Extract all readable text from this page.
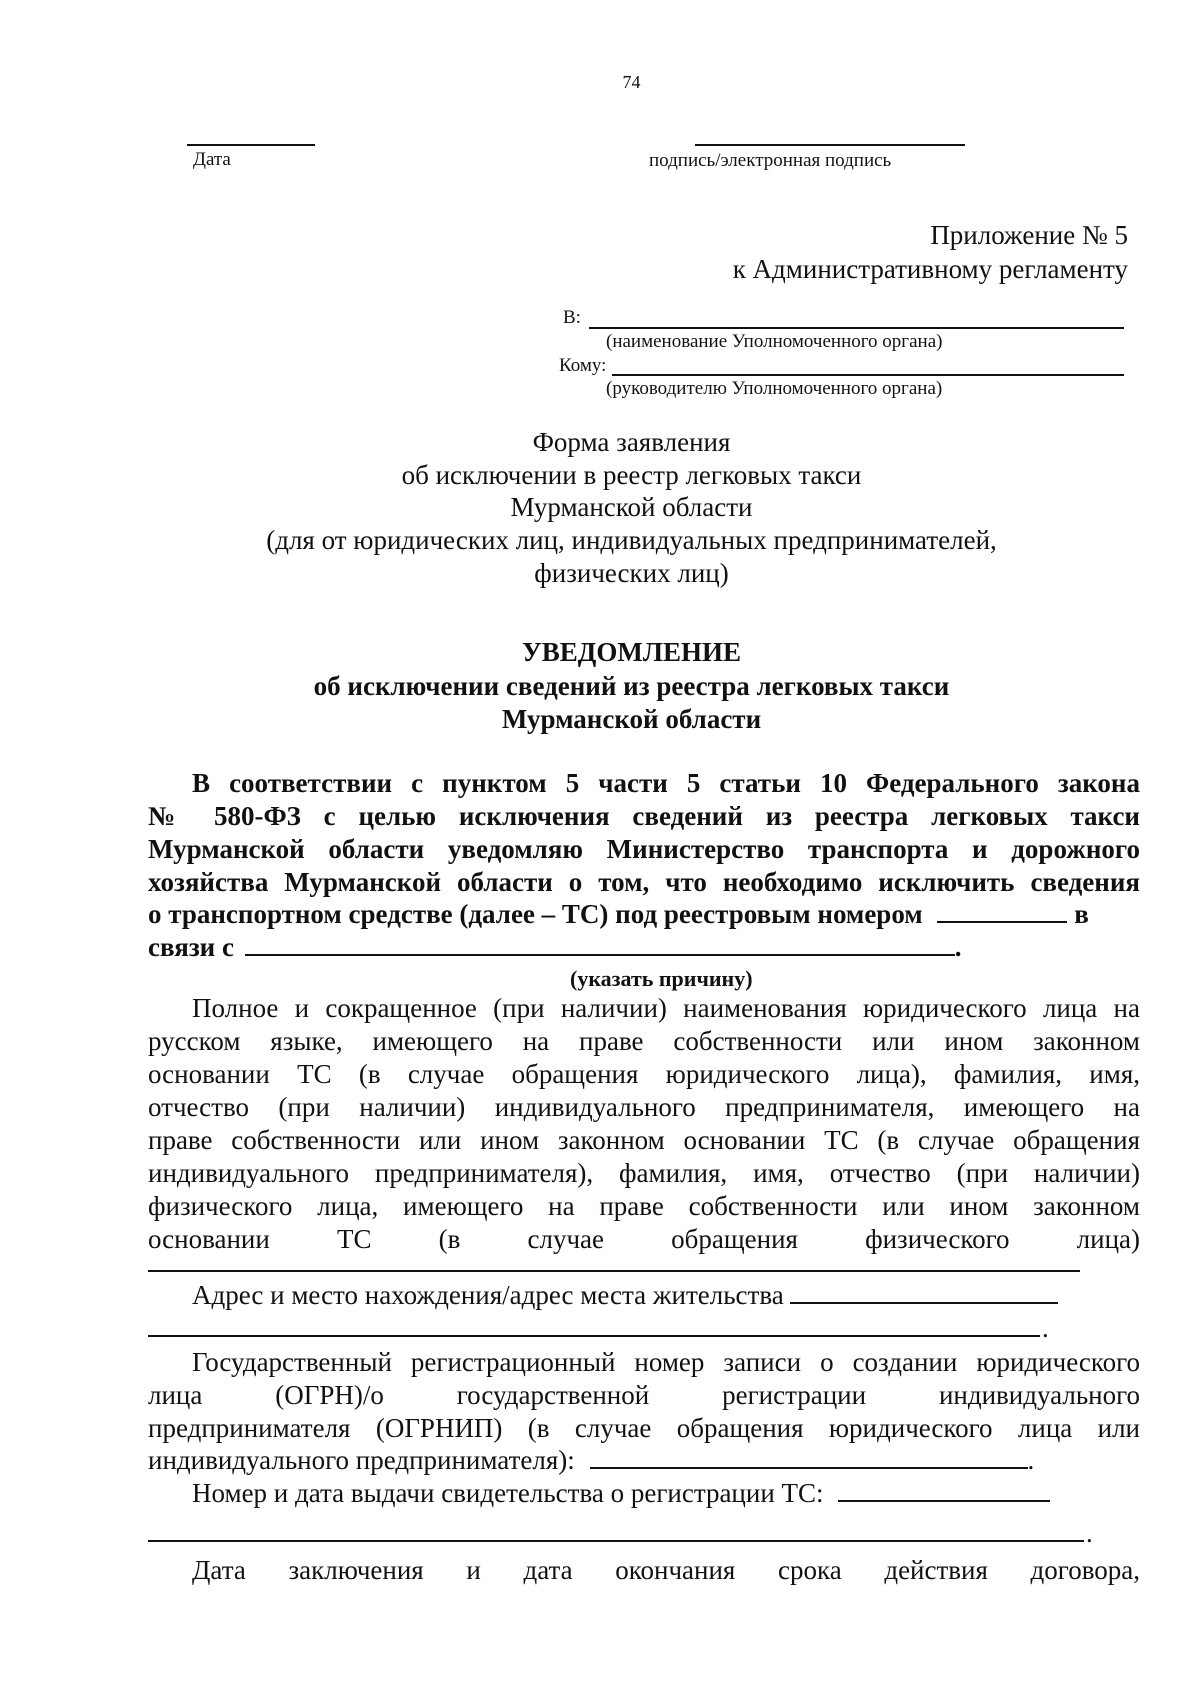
74
Дата	подпись/электронная подпись
Приложение № 5
к Административному регламенту
В:
(наименование Уполномоченного органа)
Кому:
(руководителю Уполномоченного органа)
Форма заявления
об исключении в реестр легковых такси
Мурманской области
(для от юридических лиц, индивидуальных предпринимателей,
физических лиц)
УВЕДОМЛЕНИЕ
об исключении сведений из реестра легковых такси
Мурманской области

В соответствии с пунктом 5 части 5 статьи 10 Федерального закона

№ 580-ФЗ с целью исключения сведений из реестра легковых такси

Мурманской области уведомляю Министерство транспорта и дорожного

хозяйства Мурманской области о том, что необходимо исключить сведения

о транспортном средстве (далее – ТС) под реестровым номером	в
связи с	.
(указать причину)

Полное и сокращенное (при наличии) наименования юридического лица на

русском языке, имеющего на праве собственности или ином законном

основании ТС (в случае обращения юридического лица), фамилия, имя,

отчество (при наличии) индивидуального предпринимателя, имеющего на

праве собственности или ином законном основании ТС (в случае обращения

индивидуального предпринимателя), фамилия, имя, отчество (при наличии)

физического лица, имеющего на праве собственности или ином законном

основании ТС (в случае обращения физического лица)

Адрес и место нахождения/адрес места жительства
.

Государственный регистрационный номер записи о создании юридического

лица (ОГРН)/о государственной регистрации индивидуального

предпринимателя (ОГРНИП) (в случае обращения юридического лица или

индивидуального предпринимателя):	.
Номер и дата выдачи свидетельства о регистрации ТС:
.

Дата заключения и дата окончания срока действия договора,
